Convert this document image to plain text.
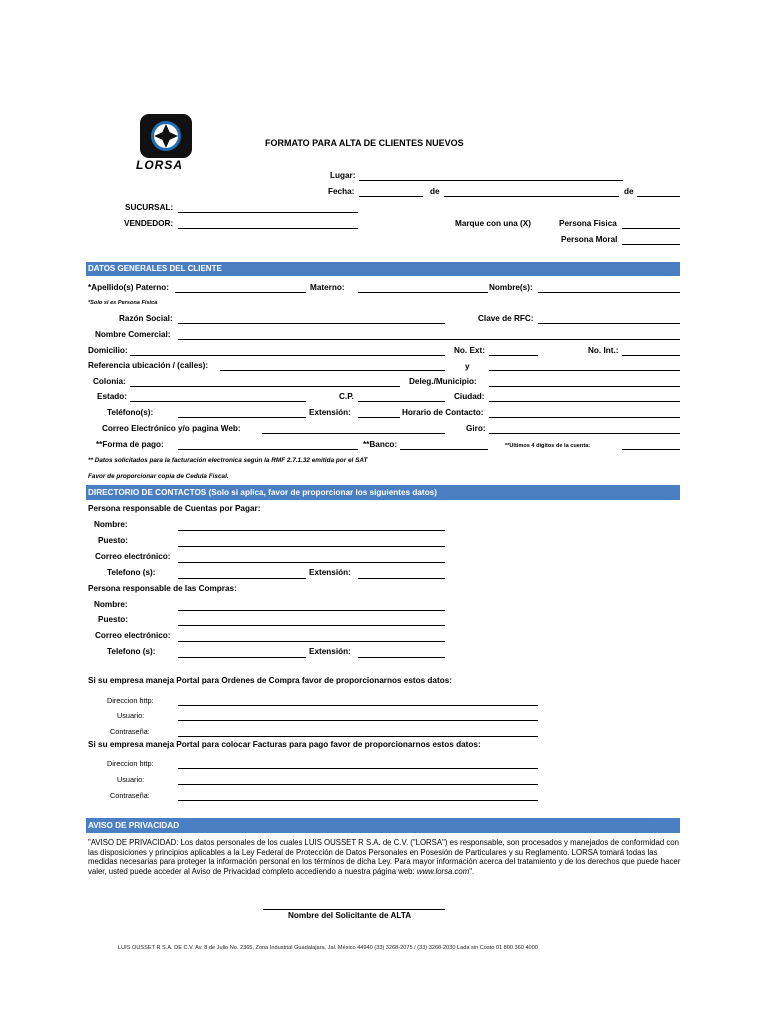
LORSA
FORMATO PARA ALTA DE CLIENTES NUEVOS
Lugar:
Fecha:	de	de
SUCURSAL:
VENDEDOR:	Marque con una (X)	Persona Fisica
Persona Moral
DATOS GENERALES DEL CLIENTE
*Apellido(s) Paterno:	Materno:	Nombre(s):
*Solo si es Persona Fisica
Razón Social:	Clave de RFC:
Nombre Comercial:
Domicilio:	No. Ext:	No. Int.:
Referencia ubicación / (calles):	y
Colonia:	Deleg./Municipio:
Estado:	C.P.	Ciudad:
Teléfono(s):	Extensión:	Horario de Contacto:
Correo Electrónico y/o pagina Web:	Giro:
**Forma de pago:	**Banco:	**Ultimos 4 digitos de la cuenta:
** Datos solicitados para la facturación electronica según la RMF 2.7.1.32 emitida por el SAT
Favor de proporcionar copia de Cedula Fiscal.
DIRECTORIO DE CONTACTOS (Solo si aplica, favor de proporcionar los siguientes datos)
Persona responsable de Cuentas por Pagar:
Nombre:
Puesto:
Correo electrónico:
Telefono (s):	Extensión:
Persona responsable de las Compras:
Nombre:
Puesto:
Correo electrónico:
Telefono (s):	Extensión:
Si su empresa maneja Portal para Ordenes de Compra favor de proporcionarnos estos datos:
Direccion http:
Usuario:
Contraseña:
Si su empresa maneja Portal para colocar Facturas para pago favor de proporcionarnos estos datos:
Direccion http:
Usuario:
Contraseña:
AVISO DE PRIVACIDAD
"AVISO DE PRIVACIDAD: Los datos personales de los cuales LUIS OUSSET R S.A. de C.V. ("LORSA") es responsable, son procesados y manejados de conformidad con las disposiciones y principios aplicables a la Ley Federal de Protección de Datos Personales en Posesión de Particulares y su Reglamento. LORSA tomará todas las medidas necesarias para proteger la información personal en los términos de dicha Ley. Para mayor información acerca del tratamiento y de los derechos que puede hacer valer, usted puede acceder al Aviso de Privacidad completo accediendo a nuestra página web: www.lorsa.com".
Nombre del Solicitante de ALTA
LUIS OUSSET R S.A. DE C.V. Av. 8 de Julio No. 2365, Zona Industrial Guadalajara, Jal. México 44940 (33) 3268-2075 / (33) 3268-2030 Lada sin Costo 01 800 360 4000
